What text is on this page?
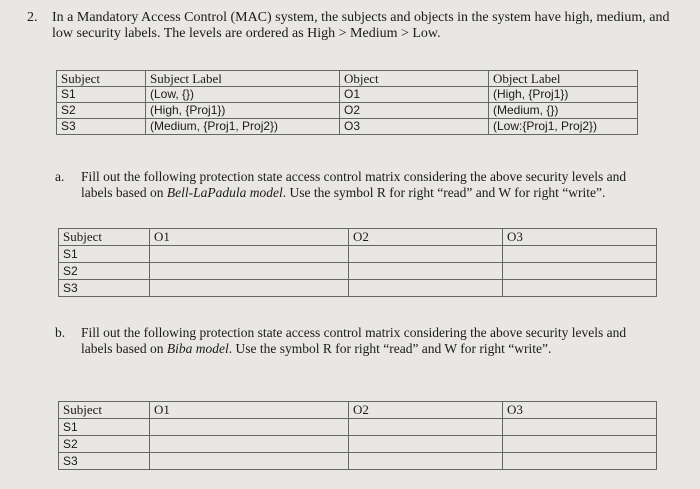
2. In a Mandatory Access Control (MAC) system, the subjects and objects in the system have high, medium, and low security labels. The levels are ordered as High > Medium > Low.
Subject	Subject Label	Object	Object Label
S1	(Low, {})	O1	(High, {Proj1})
S2	(High, {Proj1})	O2	(Medium, {})
S3	(Medium, {Proj1, Proj2})	O3	(Low:{Proj1, Proj2})
a. Fill out the following protection state access control matrix considering the above security levels and labels based on Bell-LaPadula model. Use the symbol R for right “read” and W for right “write”.
Subject	O1	O2	O3
S1			
S2			
S3			
b. Fill out the following protection state access control matrix considering the above security levels and labels based on Biba model. Use the symbol R for right “read” and W for right “write”.
Subject	O1	O2	O3
S1			
S2			
S3			
